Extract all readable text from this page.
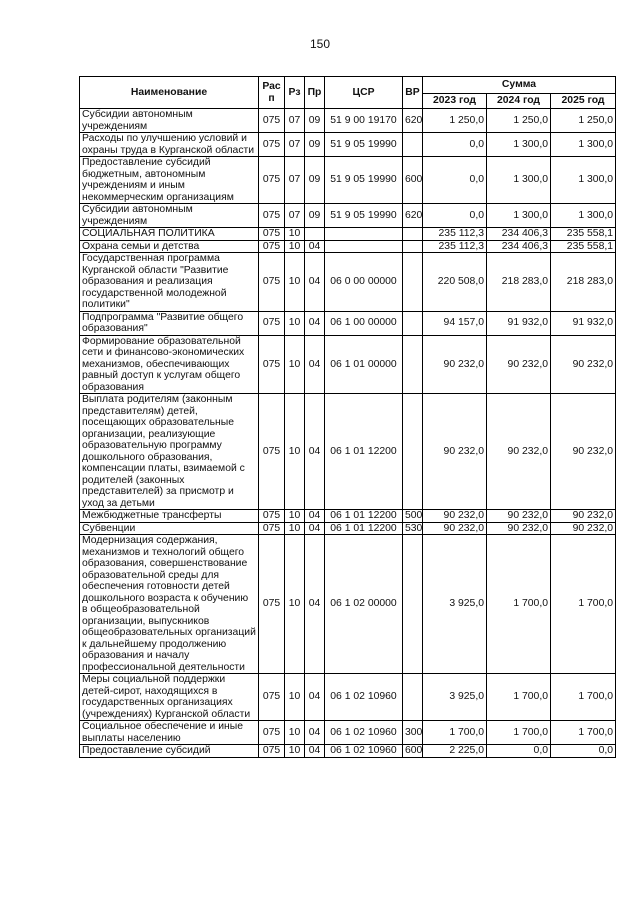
150
Наименование	Рас п	Рз	Пр	ЦСР	ВР	Сумма		
						2023 год	2024 год	2025 год
Субсидии автономным учреждениям	075	07	09	51 9 00 19170	620	1 250,0	1 250,0	1 250,0
Расходы по улучшению условий и охраны труда в Курганской области	075	07	09	51 9 05 19990		0,0	1 300,0	1 300,0
Предоставление субсидий бюджетным, автономным учреждениям и иным некоммерческим организациям	075	07	09	51 9 05 19990	600	0,0	1 300,0	1 300,0
Субсидии автономным учреждениям	075	07	09	51 9 05 19990	620	0,0	1 300,0	1 300,0
СОЦИАЛЬНАЯ ПОЛИТИКА	075	10				235 112,3	234 406,3	235 558,1
Охрана семьи и детства	075	10	04			235 112,3	234 406,3	235 558,1
Государственная программа Курганской области "Развитие образования и реализация государственной молодежной политики"	075	10	04	06 0 00 00000		220 508,0	218 283,0	218 283,0
Подпрограмма "Развитие общего образования"	075	10	04	06 1 00 00000		94 157,0	91 932,0	91 932,0
Формирование образовательной сети и финансово-экономических механизмов, обеспечивающих равный доступ к услугам общего образования	075	10	04	06 1 01 00000		90 232,0	90 232,0	90 232,0
Выплата родителям (законным представителям) детей, посещающих образовательные организации, реализующие образовательную программу дошкольного образования, компенсации платы, взимаемой с родителей (законных представителей) за присмотр и уход за детьми	075	10	04	06 1 01 12200		90 232,0	90 232,0	90 232,0
Межбюджетные трансферты	075	10	04	06 1 01 12200	500	90 232,0	90 232,0	90 232,0
Субвенции	075	10	04	06 1 01 12200	530	90 232,0	90 232,0	90 232,0
Модернизация содержания, механизмов и технологий общего образования, совершенствование образовательной среды для обеспечения готовности детей дошкольного возраста к обучению в общеобразовательной организации, выпускников общеобразовательных организаций к дальнейшему продолжению образования и началу профессиональной деятельности	075	10	04	06 1 02 00000		3 925,0	1 700,0	1 700,0
Меры социальной поддержки детей-сирот, находящихся в государственных организациях (учреждениях) Курганской области	075	10	04	06 1 02 10960		3 925,0	1 700,0	1 700,0
Социальное обеспечение и иные выплаты населению	075	10	04	06 1 02 10960	300	1 700,0	1 700,0	1 700,0
Предоставление субсидий	075	10	04	06 1 02 10960	600	2 225,0	0,0	0,0
